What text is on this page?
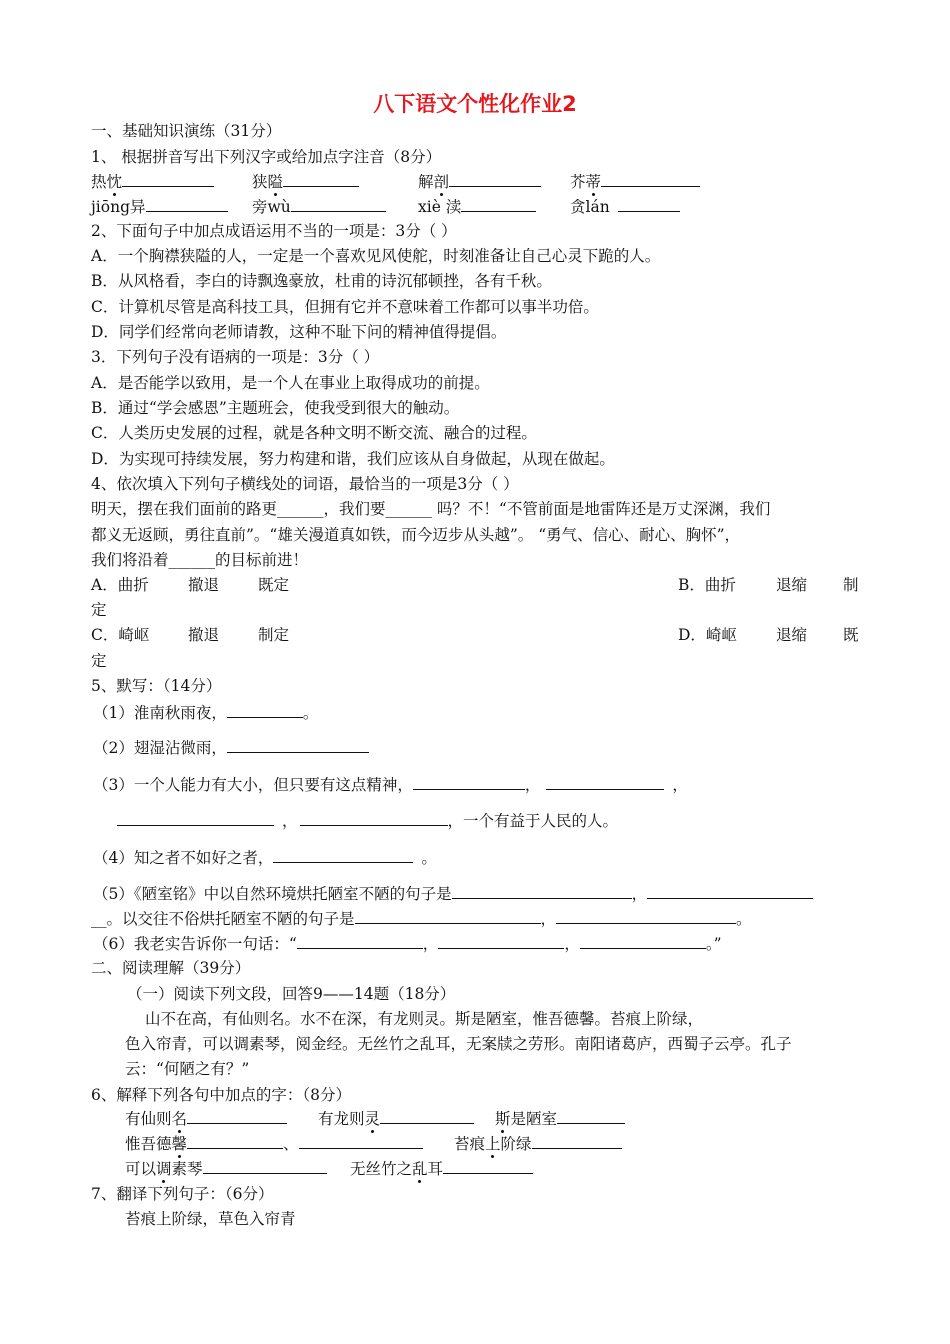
八下语文个性化作业2
一、基础知识演练（31分）
1、 根据拼音写出下列汉字或给加点字注音（8分）
热忱	狭隘	解剖	芥蒂
jiōng异	旁wù	xiè 渎	贪lán
2、下面句子中加点成语运用不当的一项是：3分（ ）
A．一个胸襟狭隘的人，一定是一个喜欢见风使舵，时刻准备让自己心灵下跪的人。
B．从风格看，李白的诗飘逸豪放，杜甫的诗沉郁顿挫，各有千秋。
C．计算机尽管是高科技工具，但拥有它并不意味着工作都可以事半功倍。
D．同学们经常向老师请教，这种不耻下问的精神值得提倡。
3．下列句子没有语病的一项是：3分（ ）
A．是否能学以致用，是一个人在事业上取得成功的前提。
B．通过“学会感恩”主题班会，使我受到很大的触动。
C．人类历史发展的过程，就是各种文明不断交流、融合的过程。
D．为实现可持续发展，努力构建和谐，我们应该从自身做起，从现在做起。
4、依次填入下列句子横线处的词语，最恰当的一项是3分（ ）
明天，摆在我们面前的路更______，我们要______ 吗？不！“不管前面是地雷阵还是万丈深渊，我们
都义无返顾，勇往直前”。“雄关漫道真如铁，而今迈步从头越”。 “勇气、信心、耐心、胸怀”，
我们将沿着______的目标前进！
A．曲折	撤退	既定	B．曲折	退缩 制
定
C．崎岖 撤退	制定	D．崎岖	退缩 既
定
5、默写：（14分）
（1）淮南秋雨夜，	。
（2）翅湿沾微雨，
（3）一个人能力有大小，但只要有这点精神，	，	，
，	，一个有益于人民的人。
（4）知之者不如好之者，	。
（5）《陋室铭》中以自然环境烘托陋室不陋的句子是	，
__。以交往不俗烘托陋室不陋的句子是	，	。
（6）我老实告诉你一句话：“	，	，	。”
二、阅读理解（39分）
（一）阅读下列文段，回答9——14题（18分）
山不在高，有仙则名。水不在深，有龙则灵。斯是陋室，惟吾德馨。苔痕上阶绿，
色入帘青，可以调素琴，阅金经。无丝竹之乱耳，无案牍之劳形。南阳诸葛庐，西蜀子云亭。孔子
云：“何陋之有？”
6、解释下列各句中加点的字：（8分）
有仙则名	有龙则灵	斯是陋室
惟吾德馨	、	苔痕上阶绿
可以调素琴	无丝竹之乱耳
7、翻译下列句子：（6分）
苔痕上阶绿，草色入帘青
